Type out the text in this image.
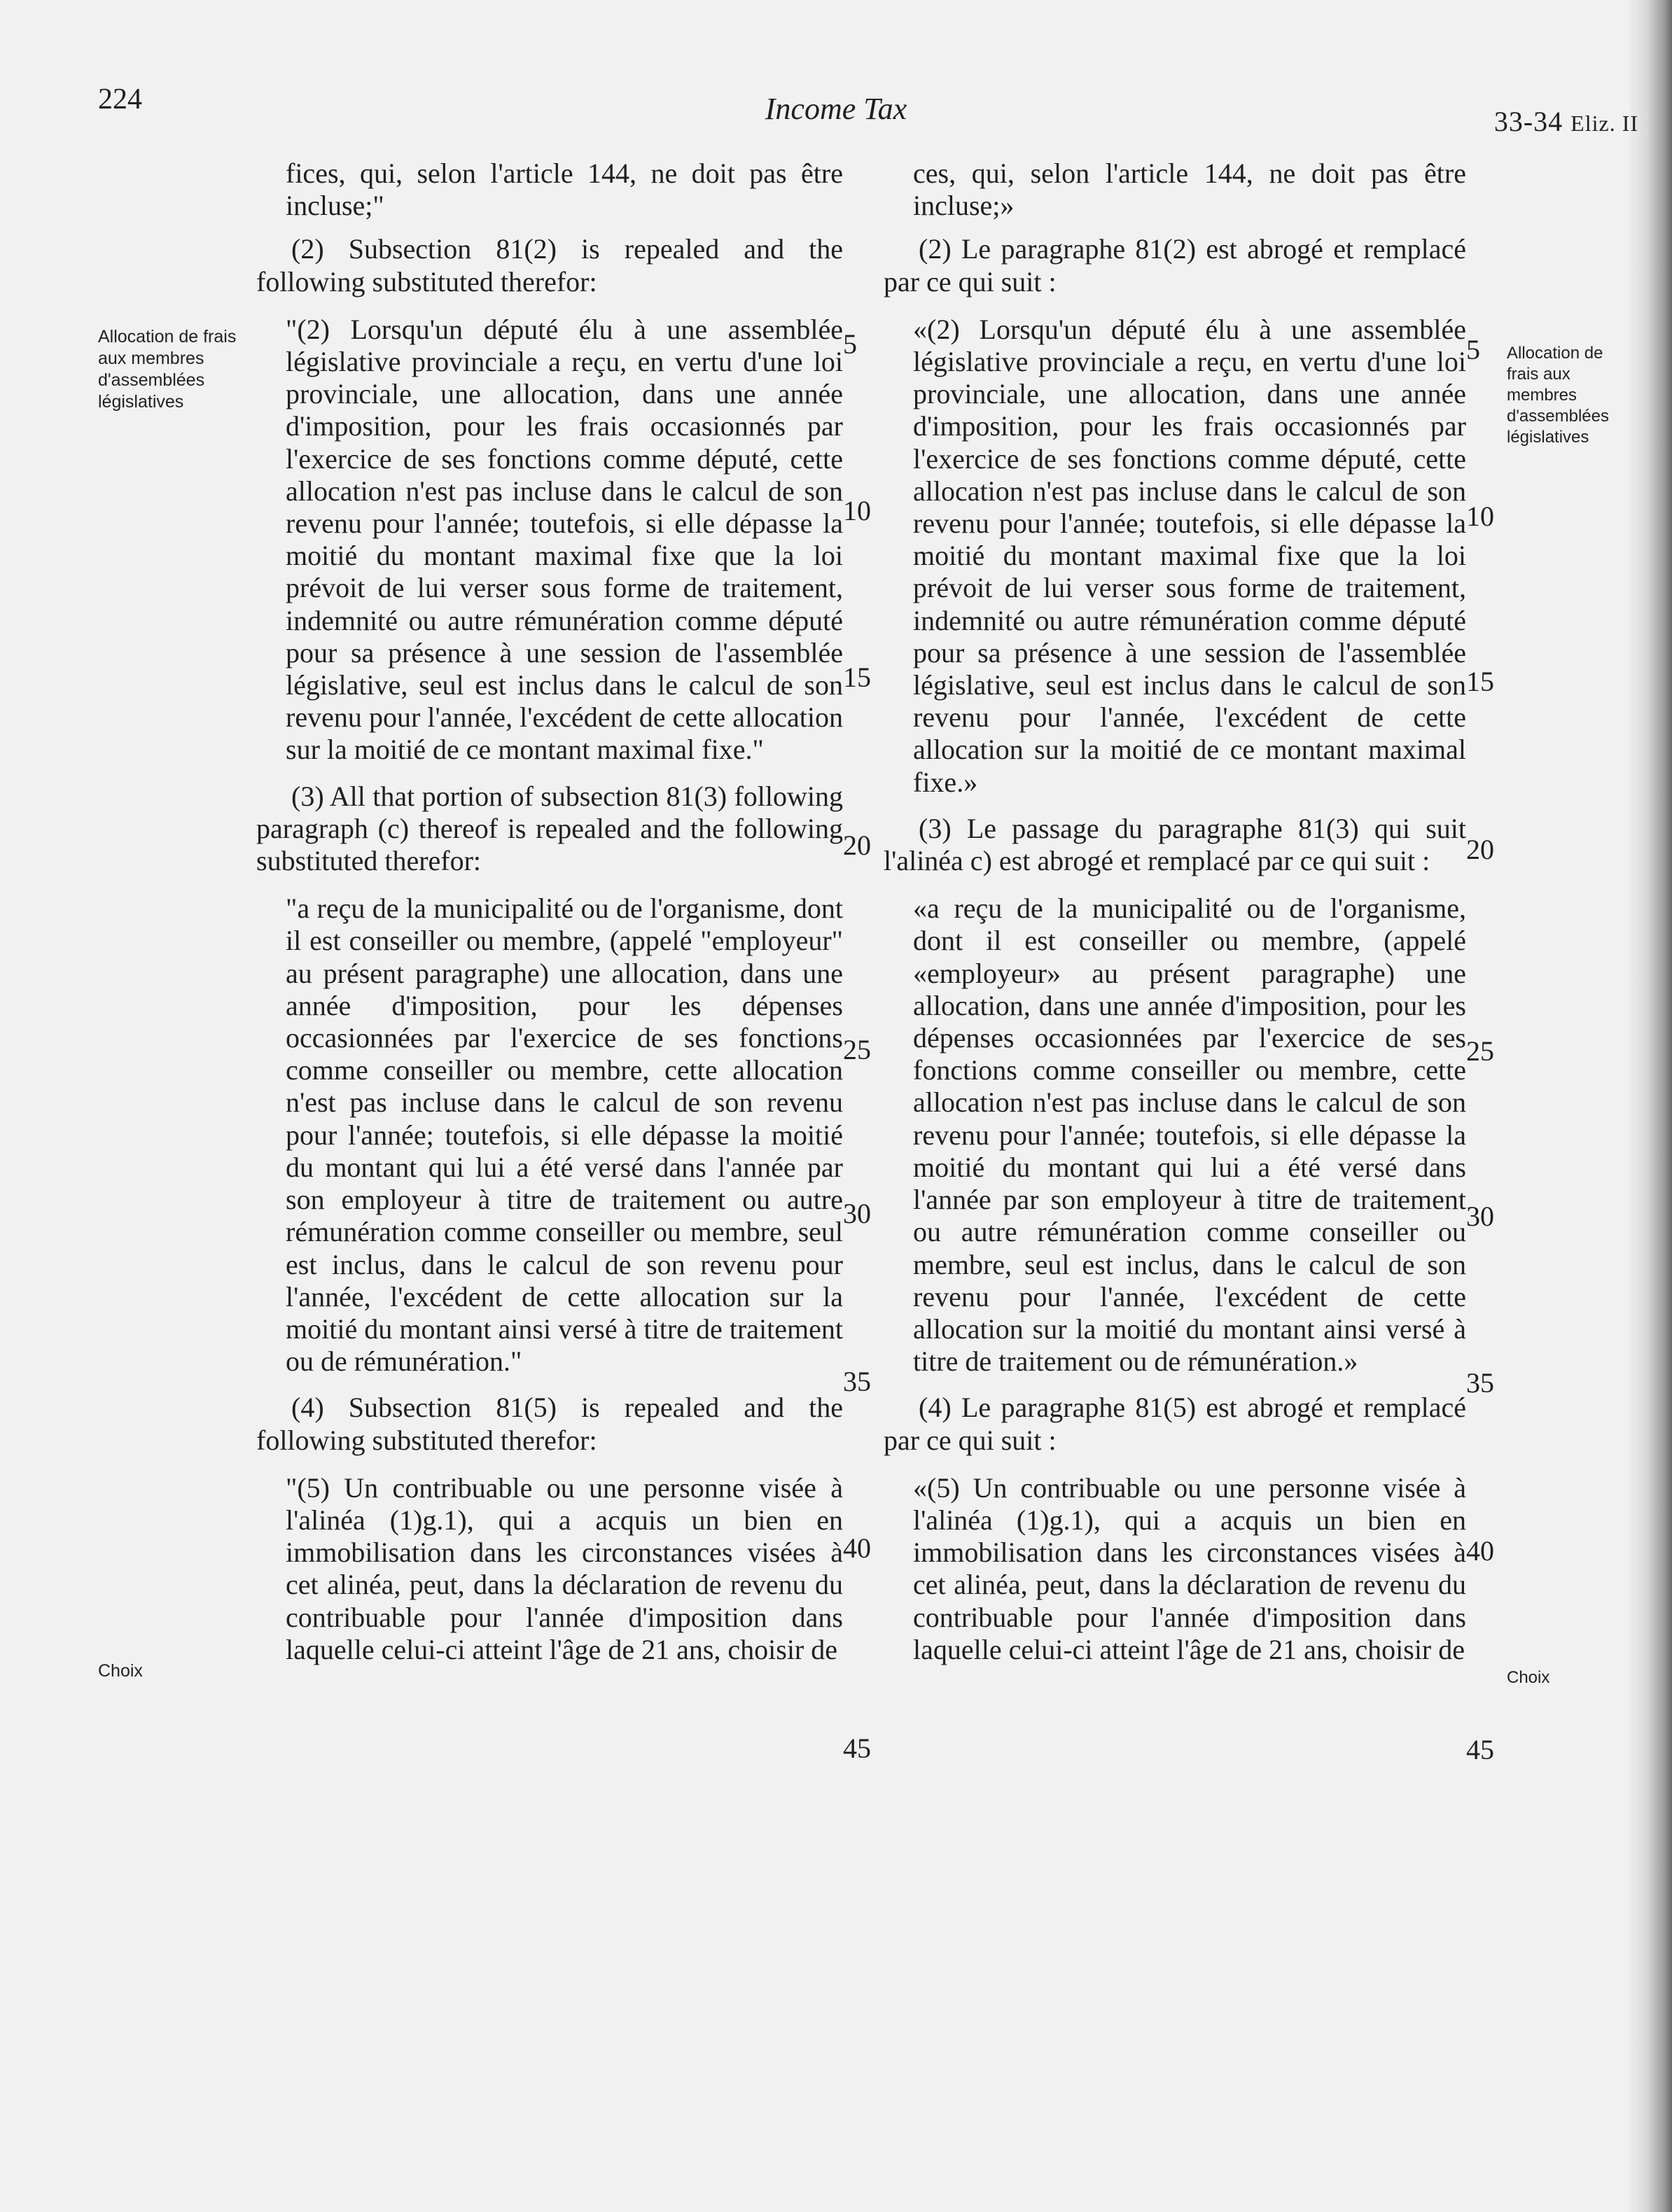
224	Income Tax	33-34 Eliz. II
Allocation de frais aux membres d'assemblées législatives
Allocation de frais aux membres d'assemblées législatives
Choix	Choix

fices, qui, selon l'article 144, ne doit pas être incluse;"

(2) Subsection 81(2) is repealed and the following substituted therefor:

"(2) Lorsqu'un député élu à une assemblée législative provinciale a reçu, en vertu d'une loi provinciale, une allocation, dans une année d'imposition, pour les frais occasionnés par l'exercice de ses fonctions comme député, cette allocation n'est pas incluse dans le calcul de son revenu pour l'année; toutefois, si elle dépasse la moitié du montant maximal fixe que la loi prévoit de lui verser sous forme de traitement, indemnité ou autre rémunération comme député pour sa présence à une session de l'assemblée législative, seul est inclus dans le calcul de son revenu pour l'année, l'excédent de cette allocation sur la moitié de ce montant maximal fixe."

(3) All that portion of subsection 81(3) following paragraph (c) thereof is repealed and the following substituted therefor:

"a reçu de la municipalité ou de l'organisme, dont il est conseiller ou membre, (appelé "employeur" au présent paragraphe) une allocation, dans une année d'imposition, pour les dépenses occasionnées par l'exercice de ses fonctions comme conseiller ou membre, cette allocation n'est pas incluse dans le calcul de son revenu pour l'année; toutefois, si elle dépasse la moitié du montant qui lui a été versé dans l'année par son employeur à titre de traitement ou autre rémunération comme conseiller ou membre, seul est inclus, dans le calcul de son revenu pour l'année, l'excédent de cette allocation sur la moitié du montant ainsi versé à titre de traitement ou de rémunération."

(4) Subsection 81(5) is repealed and the following substituted therefor:

"(5) Un contribuable ou une personne visée à l'alinéa (1)g.1), qui a acquis un bien en immobilisation dans les circonstances visées à cet alinéa, peut, dans la déclaration de revenu du contribuable pour l'année d'imposition dans laquelle celui-ci atteint l'âge de 21 ans, choisir de

ces, qui, selon l'article 144, ne doit pas être incluse;»

(2) Le paragraphe 81(2) est abrogé et remplacé par ce qui suit :

«(2) Lorsqu'un député élu à une assemblée législative provinciale a reçu, en vertu d'une loi provinciale, une allocation, dans une année d'imposition, pour les frais occasionnés par l'exercice de ses fonctions comme député, cette allocation n'est pas incluse dans le calcul de son revenu pour l'année; toutefois, si elle dépasse la moitié du montant maximal fixe que la loi prévoit de lui verser sous forme de traitement, indemnité ou autre rémunération comme député pour sa présence à une session de l'assemblée législative, seul est inclus dans le calcul de son revenu pour l'année, l'excédent de cette allocation sur la moitié de ce montant maximal fixe.»

(3) Le passage du paragraphe 81(3) qui suit l'alinéa c) est abrogé et remplacé par ce qui suit :

«a reçu de la municipalité ou de l'organisme, dont il est conseiller ou membre, (appelé «employeur» au présent paragraphe) une allocation, dans une année d'imposition, pour les dépenses occasionnées par l'exercice de ses fonctions comme conseiller ou membre, cette allocation n'est pas incluse dans le calcul de son revenu pour l'année; toutefois, si elle dépasse la moitié du montant qui lui a été versé dans l'année par son employeur à titre de traitement ou autre rémunération comme conseiller ou membre, seul est inclus, dans le calcul de son revenu pour l'année, l'excédent de cette allocation sur la moitié du montant ainsi versé à titre de traitement ou de rémunération.»

(4) Le paragraphe 81(5) est abrogé et remplacé par ce qui suit :

«(5) Un contribuable ou une personne visée à l'alinéa (1)g.1), qui a acquis un bien en immobilisation dans les circonstances visées à cet alinéa, peut, dans la déclaration de revenu du contribuable pour l'année d'imposition dans laquelle celui-ci atteint l'âge de 21 ans, choisir de

5
10
15
20
25
30
35
40
45
5
10
15
20
25
30
35
40
45
